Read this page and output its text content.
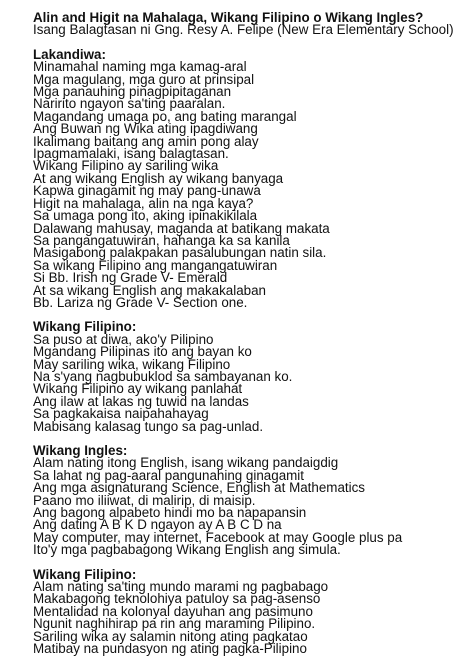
Alin and Higit na Mahalaga, Wikang Filipino o Wikang Ingles?

Isang Balagtasan ni Gng. Resy A. Felipe (New Era Elementary School)

Lakandiwa:

Minamahal naming mga kamag-aral

Mga magulang, mga guro at prinsipal

Mga panauhing pinagpipitaganan

Naririto ngayon sa'ting paaralan.

Magandang umaga po, ang bating marangal

Ang Buwan ng Wika ating ipagdiwang

Ikalimang baitang ang amin pong alay

Ipagmamalaki, isang balagtasan.

Wikang Filipino ay sariling wika

At ang wikang English ay wikang banyaga

Kapwa ginagamit ng may pang-unawa

Higit na mahalaga, alin na nga kaya?

Sa umaga pong ito, aking ipinakikilala

Dalawang mahusay, maganda at batikang makata

Sa pangangatuwiran, hahanga ka sa kanila

Masigabong palakpakan pasalubungan natin sila.

Sa wikang Filipino ang mangangatuwiran

Si Bb. Irish ng Grade V- Emerald

At sa wikang English ang makakalaban

Bb. Lariza ng Grade V- Section one.

Wikang Filipino:

Sa puso at diwa, ako'y Pilipino

Mgandang Pilipinas ito ang bayan ko

May sariling wika, wikang Filipino

Na s'yang nagbubuklod sa sambayanan ko.

Wikang Filipino ay wikang panlahat

Ang ilaw at lakas ng tuwid na landas

Sa pagkakaisa naipahahayag

Mabisang kalasag tungo sa pag-unlad.

Wikang Ingles:

Alam nating itong English, isang wikang pandaigdig

Sa lahat ng pag-aaral pangunahing ginagamit

Ang mga asignaturang Science, English at Mathematics

Paano mo iliiwat, di malirip, di maisip.

Ang bagong alpabeto hindi mo ba napapansin

Ang dating A B K D ngayon ay A B C D na

May computer, may internet, Facebook at may Google plus pa

Ito'y mga pagbabagong Wikang English ang simula.

Wikang Filipino:

Alam nating sa'ting mundo marami ng pagbabago

Makabagong teknolohiya patuloy sa pag-asenso

Mentalidad na kolonyal dayuhan ang pasimuno

Ngunit naghihirap pa rin ang maraming Pilipino.

Sariling wika ay salamin nitong ating pagkatao

Matibay na pundasyon ng ating pagka-Pilipino
